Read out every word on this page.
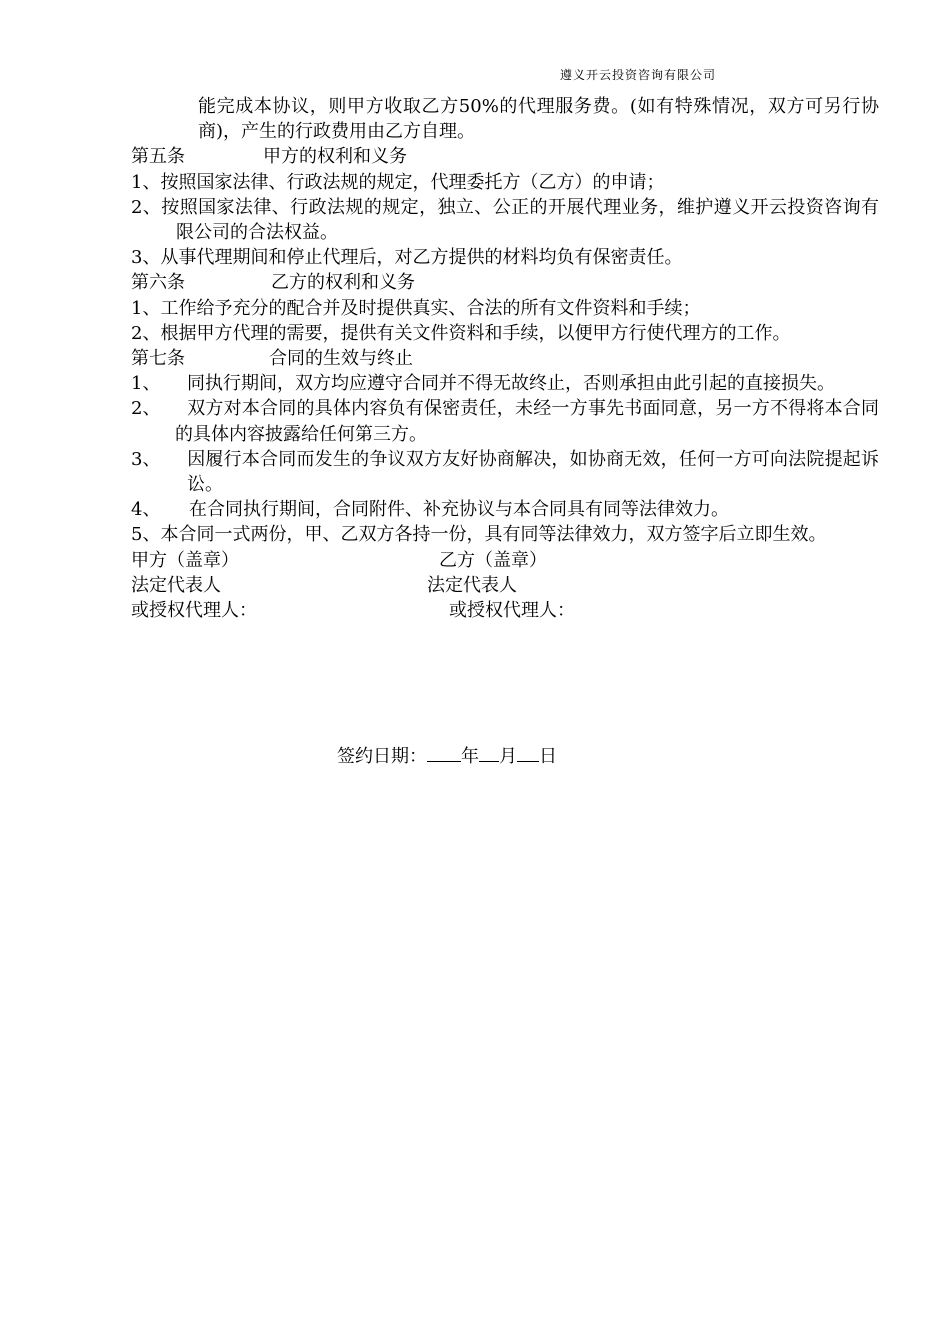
遵义开云投资咨询有限公司
能完成本协议，则甲方收取乙方50%的代理服务费。(如有特殊情况，双方可另行协商)，产生的行政费用由乙方自理。
第五条	甲方的权利和义务
1、按照国家法律、行政法规的规定，代理委托方（乙方）的申请；
2、按照国家法律、行政法规的规定，独立、公正的开展代理业务，维护遵义开云投资咨询有限公司的合法权益。
3、从事代理期间和停止代理后，对乙方提供的材料均负有保密责任。
第六条	乙方的权利和义务
1、工作给予充分的配合并及时提供真实、合法的所有文件资料和手续；
2、根据甲方代理的需要，提供有关文件资料和手续，以便甲方行使代理方的工作。
第七条	合同的生效与终止
1、 同执行期间，双方均应遵守合同并不得无故终止，否则承担由此引起的直接损失。
2、 双方对本合同的具体内容负有保密责任，未经一方事先书面同意，另一方不得将本合同的具体内容披露给任何第三方。
3、 因履行本合同而发生的争议双方友好协商解决，如协商无效，任何一方可向法院提起诉讼。
4、 在合同执行期间，合同附件、补充协议与本合同具有同等法律效力。
5、本合同一式两份，甲、乙双方各持一份，具有同等法律效力，双方签字后立即生效。
甲方（盖章）	乙方（盖章）
法定代表人	法定代表人
或授权代理人：	或授权代理人：
签约日期： 年 月 日
